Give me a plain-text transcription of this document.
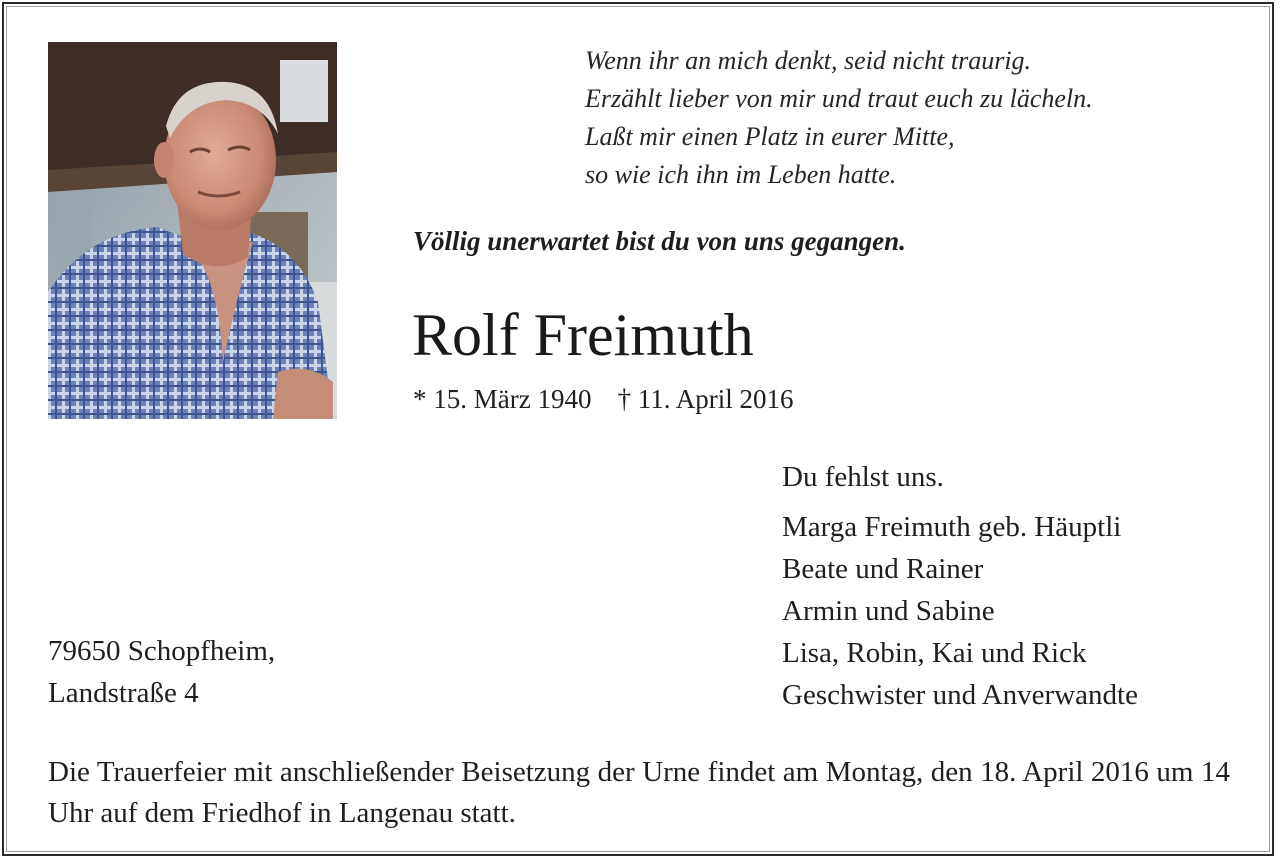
Wenn ihr an mich denkt, seid nicht traurig.
Erzählt lieber von mir und traut euch zu lächeln.
Laßt mir einen Platz in eurer Mitte,
so wie ich ihn im Leben hatte.
Völlig unerwartet bist du von uns gegangen.
Rolf Freimuth
* 15. März 1940 † 11. April 2016
Du fehlst uns.
Marga Freimuth geb. Häuptli
Beate und Rainer
Armin und Sabine
Lisa, Robin, Kai und Rick
Geschwister und Anverwandte
79650 Schopfheim,
Landstraße 4
Die Trauerfeier mit anschließender Beisetzung der Urne findet am Montag, den 18. April 2016 um 14 Uhr auf dem Friedhof in Langenau statt.
